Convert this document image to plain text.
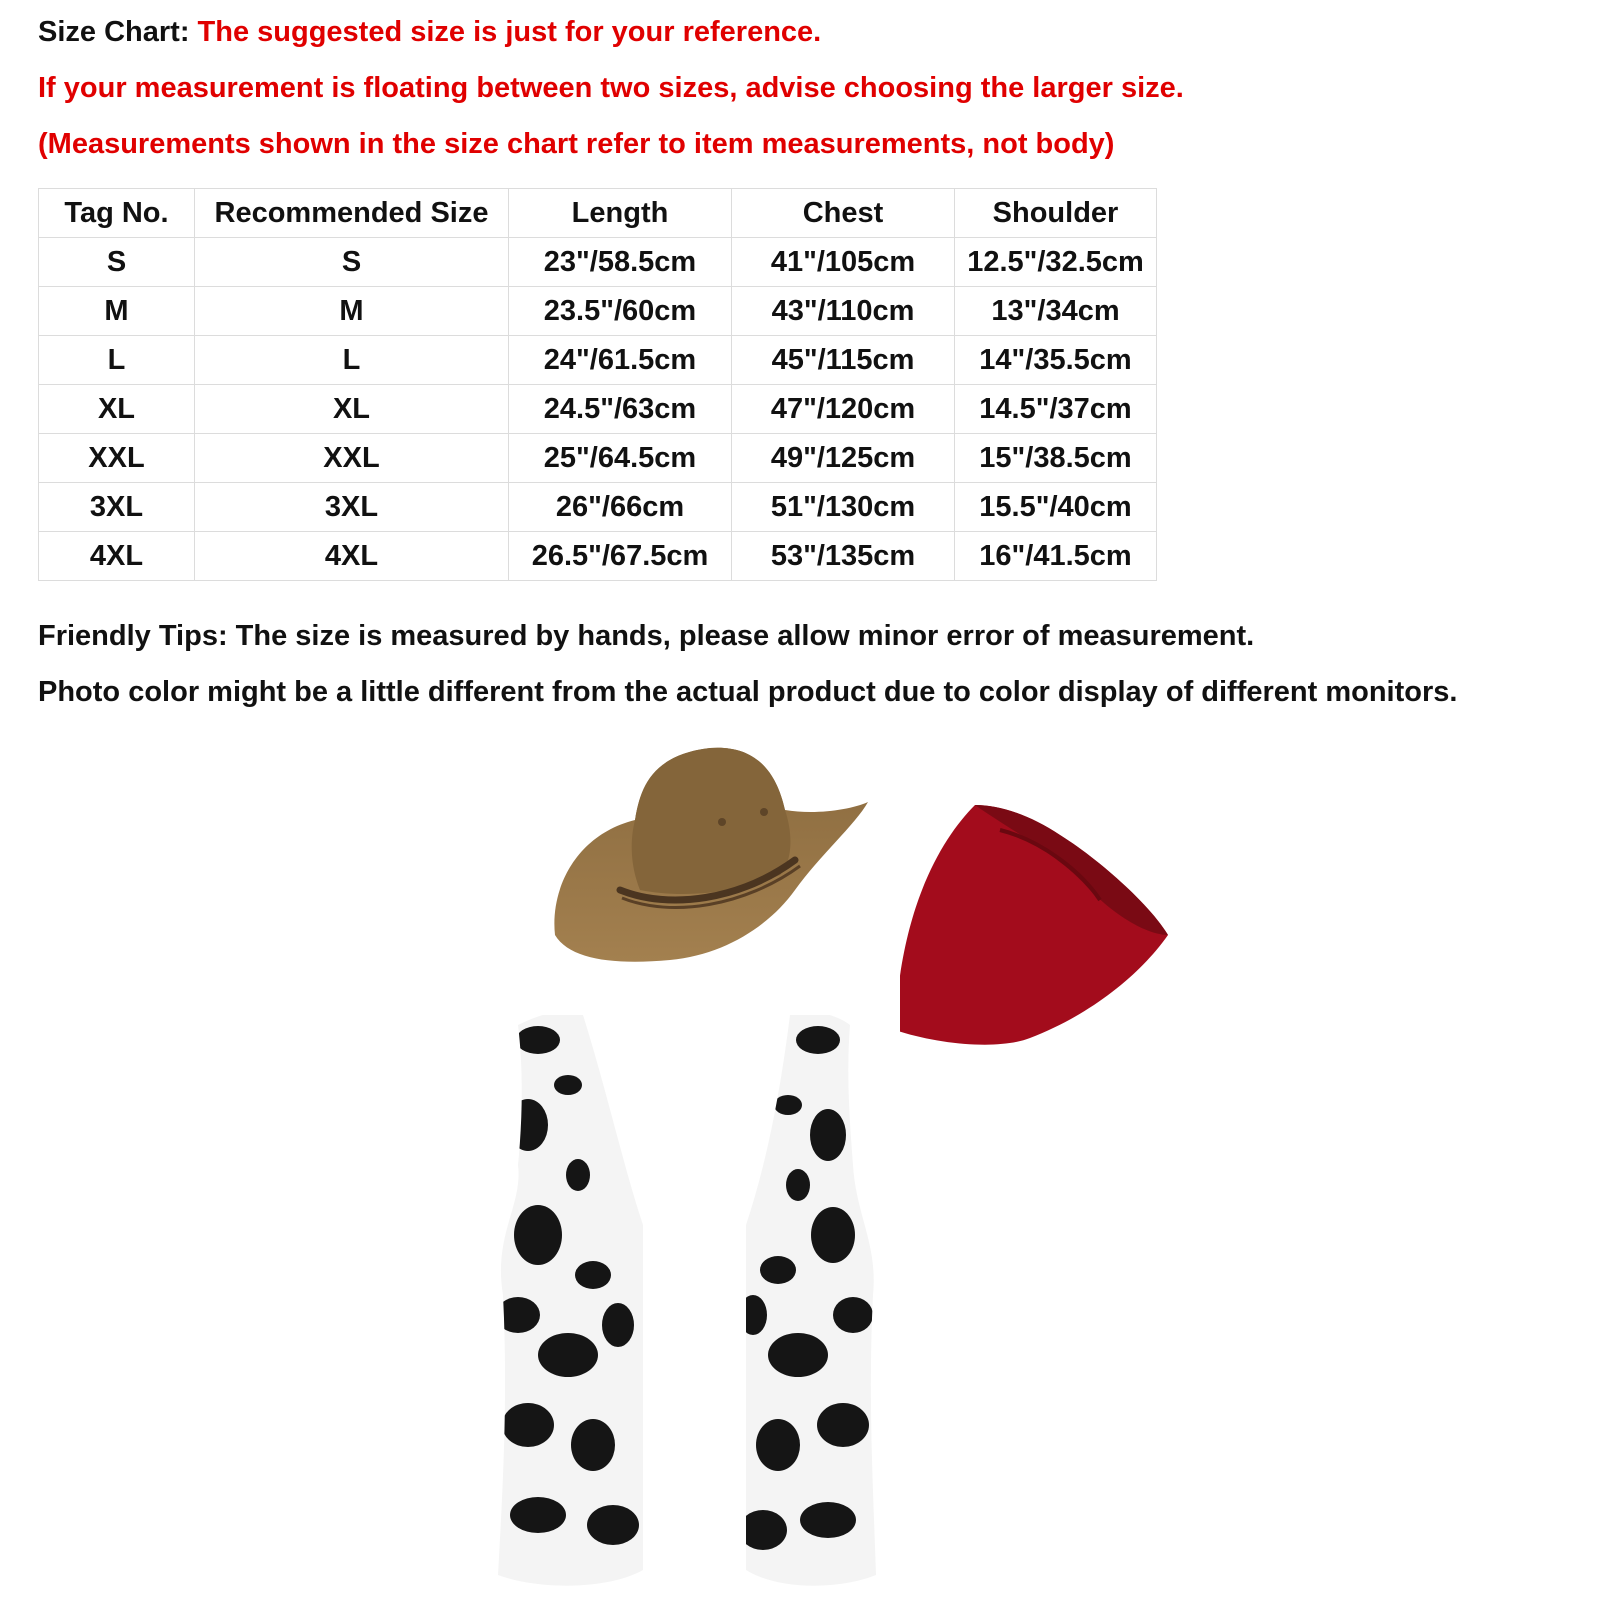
Size Chart: The suggested size is just for your reference.
If your measurement is floating between two sizes, advise choosing the larger size.
(Measurements shown in the size chart refer to item measurements, not body)
Tag No.	Recommended Size	Length	Chest	Shoulder
S	S	23"/58.5cm	41"/105cm	12.5"/32.5cm
M	M	23.5"/60cm	43"/110cm	13"/34cm
L	L	24"/61.5cm	45"/115cm	14"/35.5cm
XL	XL	24.5"/63cm	47"/120cm	14.5"/37cm
XXL	XXL	25"/64.5cm	49"/125cm	15"/38.5cm
3XL	3XL	26"/66cm	51"/130cm	15.5"/40cm
4XL	4XL	26.5"/67.5cm	53"/135cm	16"/41.5cm
Friendly Tips: The size is measured by hands, please allow minor error of measurement.
Photo color might be a little different from the actual product due to color display of different monitors.
